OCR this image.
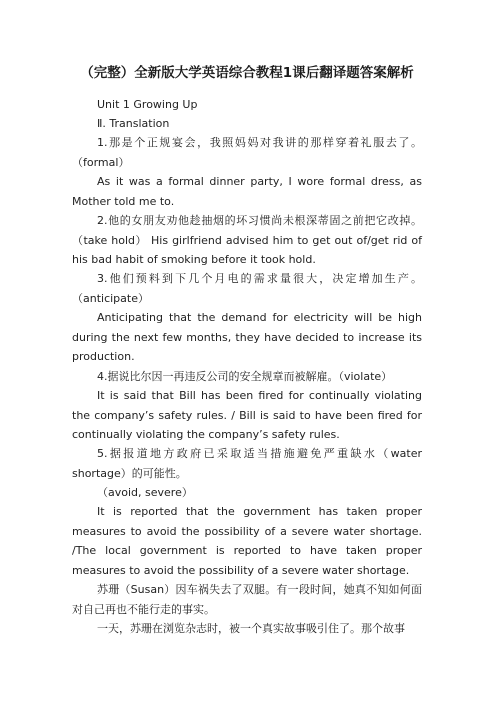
（完整）全新版大学英语综合教程1课后翻译题答案解析
Unit 1 Growing Up
Ⅱ. Translation
1.那是个正规宴会，我照妈妈对我讲的那样穿着礼服去了。（formal）
As it was a formal dinner party, I wore formal dress, as Mother told me to.
2.他的女朋友劝他趁抽烟的坏习惯尚未根深蒂固之前把它改掉。（take hold） His girlfriend advised him to get out of/get rid of his bad habit of smoking before it took hold.
3.他们预料到下几个月电的需求量很大，决定增加生产。（anticipate）
Anticipating that the demand for electricity will be high during the next few months, they have decided to increase its production.
4.据说比尔因一再违反公司的安全规章而被解雇。（violate）
It is said that Bill has been fired for continually violating the company’s safety rules. / Bill is said to have been fired for continually violating the company’s safety rules.
5.据报道地方政府已采取适当措施避免严重缺水（water shortage）的可能性。
（avoid, severe）
It is reported that the government has taken proper measures to avoid the possibility of a severe water shortage. /The local government is reported to have taken proper measures to avoid the possibility of a severe water shortage.
苏珊（Susan）因车祸失去了双腿。有一段时间，她真不知如何面对自己再也不能行走的事实。
一天，苏珊在浏览杂志时，被一个真实故事吸引住了。那个故事
